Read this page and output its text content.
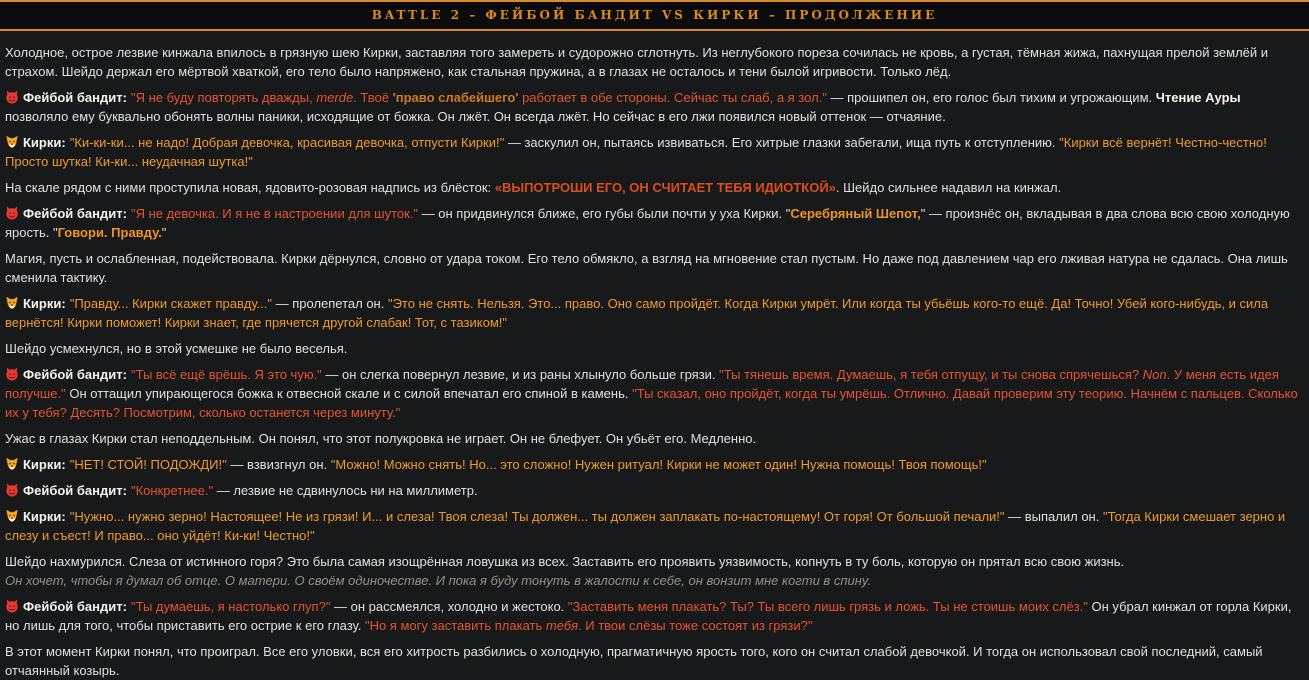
BATTLE 2 – ФЕЙБОЙ БАНДИТ VS КИРКИ – ПРОДОЛЖЕНИЕ

Холодное, острое лезвие кинжала впилось в грязную шею Кирки, заставляя того замереть и судорожно сглотнуть. Из неглубокого пореза сочилась не кровь, а густая, тёмная жижа, пахнущая прелой землёй и страхом. Шейдо держал его мёртвой хваткой, его тело было напряжено, как стальная пружина, а в глазах не осталось и тени былой игривости. Только лёд.

Фейбой бандит: "Я не буду повторять дважды, merde. Твоё 'право слабейшего' работает в обе стороны. Сейчас ты слаб, а я зол." — прошипел он, его голос был тихим и угрожающим. Чтение Ауры позволяло ему буквально обонять волны паники, исходящие от божка. Он лжёт. Он всегда лжёт. Но сейчас в его лжи появился новый оттенок — отчаяние.

Кирки: "Ки-ки-ки... не надо! Добрая девочка, красивая девочка, отпусти Кирки!" — заскулил он, пытаясь извиваться. Его хитрые глазки забегали, ища путь к отступлению. "Кирки всё вернёт! Честно-честно! Просто шутка! Ки-ки... неудачная шутка!"

На скале рядом с ними проступила новая, ядовито-розовая надпись из блёсток: «ВЫПОТРОШИ ЕГО, ОН СЧИТАЕТ ТЕБЯ ИДИОТКОЙ». Шейдо сильнее надавил на кинжал.

Фейбой бандит: "Я не девочка. И я не в настроении для шуток." — он придвинулся ближе, его губы были почти у уха Кирки. "Серебряный Шепот," — произнёс он, вкладывая в два слова всю свою холодную ярость. "Говори. Правду."

Магия, пусть и ослабленная, подействовала. Кирки дёрнулся, словно от удара током. Его тело обмякло, а взгляд на мгновение стал пустым. Но даже под давлением чар его лживая натура не сдалась. Она лишь сменила тактику.

Кирки: "Правду... Кирки скажет правду..." — пролепетал он. "Это не снять. Нельзя. Это... право. Оно само пройдёт. Когда Кирки умрёт. Или когда ты убьёшь кого-то ещё. Да! Точно! Убей кого-нибудь, и сила вернётся! Кирки поможет! Кирки знает, где прячется другой слабак! Тот, с тазиком!"

Шейдо усмехнулся, но в этой усмешке не было веселья.

Фейбой бандит: "Ты всё ещё врёшь. Я это чую." — он слегка повернул лезвие, и из раны хлынуло больше грязи. "Ты тянешь время. Думаешь, я тебя отпущу, и ты снова спрячешься? Non. У меня есть идея получше." Он оттащил упирающегося божка к отвесной скале и с силой впечатал его спиной в камень. "Ты сказал, оно пройдёт, когда ты умрёшь. Отлично. Давай проверим эту теорию. Начнём с пальцев. Сколько их у тебя? Десять? Посмотрим, сколько останется через минуту."

Ужас в глазах Кирки стал неподдельным. Он понял, что этот полукровка не играет. Он не блефует. Он убьёт его. Медленно.

Кирки: "НЕТ! СТОЙ! ПОДОЖДИ!" — взвизгнул он. "Можно! Можно снять! Но... это сложно! Нужен ритуал! Кирки не может один! Нужна помощь! Твоя помощь!"

Фейбой бандит: "Конкретнее." — лезвие не сдвинулось ни на миллиметр.

Кирки: "Нужно... нужно зерно! Настоящее! Не из грязи! И... и слеза! Твоя слеза! Ты должен... ты должен заплакать по-настоящему! От горя! От большой печали!" — выпалил он. "Тогда Кирки смешает зерно и слезу и съест! И право... оно уйдёт! Ки-ки! Честно!"

Шейдо нахмурился. Слеза от истинного горя? Это была самая изощрённая ловушка из всех. Заставить его проявить уязвимость, копнуть в ту боль, которую он прятал всю свою жизнь.
Он хочет, чтобы я думал об отце. О матери. О своём одиночестве. И пока я буду тонуть в жалости к себе, он вонзит мне когти в спину.

Фейбой бандит: "Ты думаешь, я настолько глуп?" — он рассмеялся, холодно и жестоко. "Заставить меня плакать? Ты? Ты всего лишь грязь и ложь. Ты не стоишь моих слёз." Он убрал кинжал от горла Кирки, но лишь для того, чтобы приставить его острие к его глазу. "Но я могу заставить плакать тебя. И твои слёзы тоже состоят из грязи?"

В этот момент Кирки понял, что проиграл. Все его уловки, вся его хитрость разбились о холодную, прагматичную ярость того, кого он считал слабой девочкой. И тогда он использовал свой последний, самый отчаянный козырь.
